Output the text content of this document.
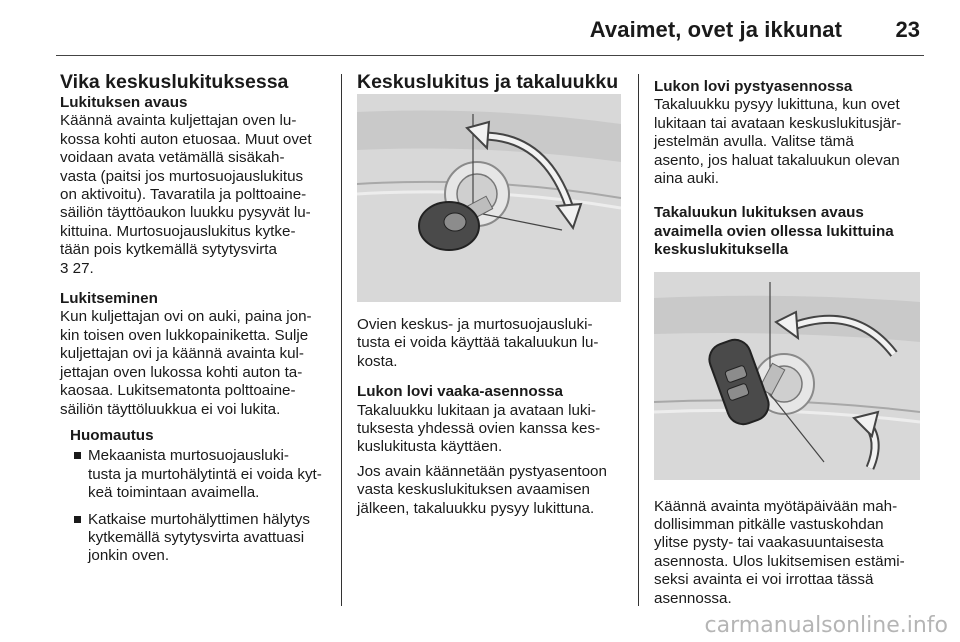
Avaimet, ovet ja ikkunat 23

Vika keskuslukituksessa

Lukituksen avaus

Käännä avainta kuljettajan oven lu-

kossa kohti auton etuosaa. Muut ovet

voidaan avata vetämällä sisäkah-

vasta (paitsi jos murtosuojauslukitus

on aktivoitu). Tavaratila ja polttoaine-

säiliön täyttöaukon luukku pysyvät lu-

kittuina. Murtosuojauslukitus kytke-

tään pois kytkemällä sytytysvirta

3 27.

Lukitseminen

Kun kuljettajan ovi on auki, paina jon-

kin toisen oven lukkopainiketta. Sulje

kuljettajan ovi ja käännä avainta kul-

jettajan oven lukossa kohti auton ta-

kaosaa. Lukitsematonta polttoaine-

säiliön täyttöluukkua ei voi lukita.

Huomautus

Mekaanista murtosuojausluki-

tusta ja murtohälytintä ei voida kyt-

keä toimintaan avaimella.

Katkaise murtohälyttimen hälytys

kytkemällä sytytysvirta avattuasi

jonkin oven.

Keskuslukitus ja takaluukku

Ovien keskus- ja murtosuojausluki-

tusta ei voida käyttää takaluukun lu-

kosta.

Lukon lovi vaaka-asennossa

Takaluukku lukitaan ja avataan luki-

tuksesta yhdessä ovien kanssa kes-

kuslukitusta käyttäen.

Jos avain käännetään pystyasentoon

vasta keskuslukituksen avaamisen

jälkeen, takaluukku pysyy lukittuna.

Lukon lovi pystyasennossa

Takaluukku pysyy lukittuna, kun ovet

lukitaan tai avataan keskuslukitusjär-

jestelmän avulla. Valitse tämä

asento, jos haluat takaluukun olevan

aina auki.

Takaluukun lukituksen avaus

avaimella ovien ollessa lukittuina

keskuslukituksella

Käännä avainta myötäpäivään mah-

dollisimman pitkälle vastuskohdan

ylitse pysty- tai vaakasuuntaisesta

asennosta. Ulos lukitsemisen estämi-

seksi avainta ei voi irrottaa tässä

asennossa.

carmanualsonline.info
